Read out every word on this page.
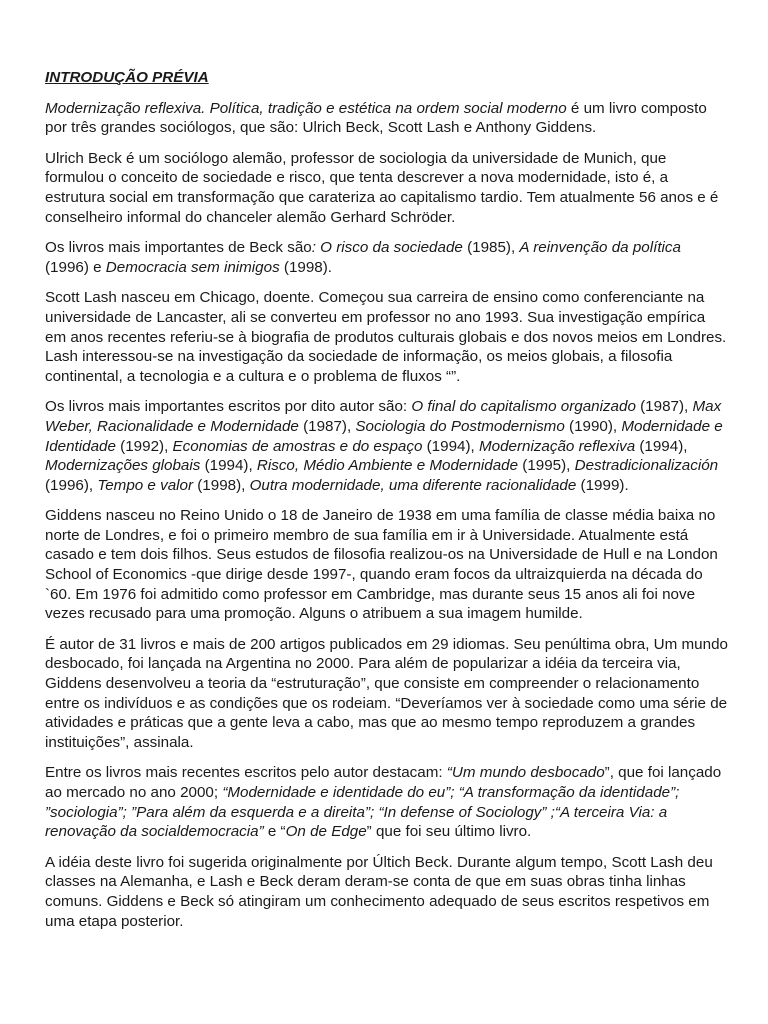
INTRODUÇÃO PRÉVIA

Modernização reflexiva. Política, tradição e estética na ordem social moderno é um livro composto por três grandes sociólogos, que são: Ulrich Beck, Scott Lash e Anthony Giddens.

Ulrich Beck é um sociólogo alemão, professor de sociologia da universidade de Munich, que formulou o conceito de sociedade e risco, que tenta descrever a nova modernidade, isto é, a estrutura social em transformação que carateriza ao capitalismo tardio. Tem atualmente 56 anos e é conselheiro informal do chanceler alemão Gerhard Schröder.

Os livros mais importantes de Beck são: O risco da sociedade (1985), A reinvenção da política (1996) e Democracia sem inimigos (1998).

Scott Lash nasceu em Chicago, doente. Começou sua carreira de ensino como conferenciante na universidade de Lancaster, ali se converteu em professor no ano 1993. Sua investigação empírica em anos recentes referiu-se à biografia de produtos culturais globais e dos novos meios em Londres. Lash interessou-se na investigação da sociedade de informação, os meios globais, a filosofia continental, a tecnologia e a cultura e o problema de fluxos “”.

Os livros mais importantes escritos por dito autor são: O final do capitalismo organizado (1987), Max Weber, Racionalidade e Modernidade (1987), Sociologia do Postmodernismo (1990), Modernidade e Identidade (1992), Economias de amostras e do espaço (1994), Modernização reflexiva (1994), Modernizações globais (1994), Risco, Médio Ambiente e Modernidade (1995), Destradicionalización (1996), Tempo e valor (1998), Outra modernidade, uma diferente racionalidade (1999).

Giddens nasceu no Reino Unido o 18 de Janeiro de 1938 em uma família de classe média baixa no norte de Londres, e foi o primeiro membro de sua família em ir à Universidade. Atualmente está casado e tem dois filhos. Seus estudos de filosofia realizou-os na Universidade de Hull e na London School of Economics -que dirige desde 1997-, quando eram focos da ultraizquierda na década do `60. Em 1976 foi admitido como professor em Cambridge, mas durante seus 15 anos ali foi nove vezes recusado para uma promoção. Alguns o atribuem a sua imagem humilde.

É autor de 31 livros e mais de 200 artigos publicados em 29 idiomas. Seu penúltima obra, Um mundo desbocado, foi lançada na Argentina no 2000. Para além de popularizar a idéia da terceira via, Giddens desenvolveu a teoria da “estruturação”, que consiste em compreender o relacionamento entre os indivíduos e as condições que os rodeiam. “Deveríamos ver à sociedade como uma série de atividades e práticas que a gente leva a cabo, mas que ao mesmo tempo reproduzem a grandes instituições”, assinala.

Entre os livros mais recentes escritos pelo autor destacam: “Um mundo desbocado”, que foi lançado ao mercado no ano 2000; “Modernidade e identidade do eu”; “A transformação da identidade”; ”sociologia”; ”Para além da esquerda e a direita”; “In defense of Sociology” ;“A terceira Via: a renovação da socialdemocracia” e “On de Edge” que foi seu último livro.

A idéia deste livro foi sugerida originalmente por Últich Beck. Durante algum tempo, Scott Lash deu classes na Alemanha, e Lash e Beck deram deram-se conta de que em suas obras tinha linhas comuns. Giddens e Beck só atingiram um conhecimento adequado de seus escritos respetivos em uma etapa posterior.
